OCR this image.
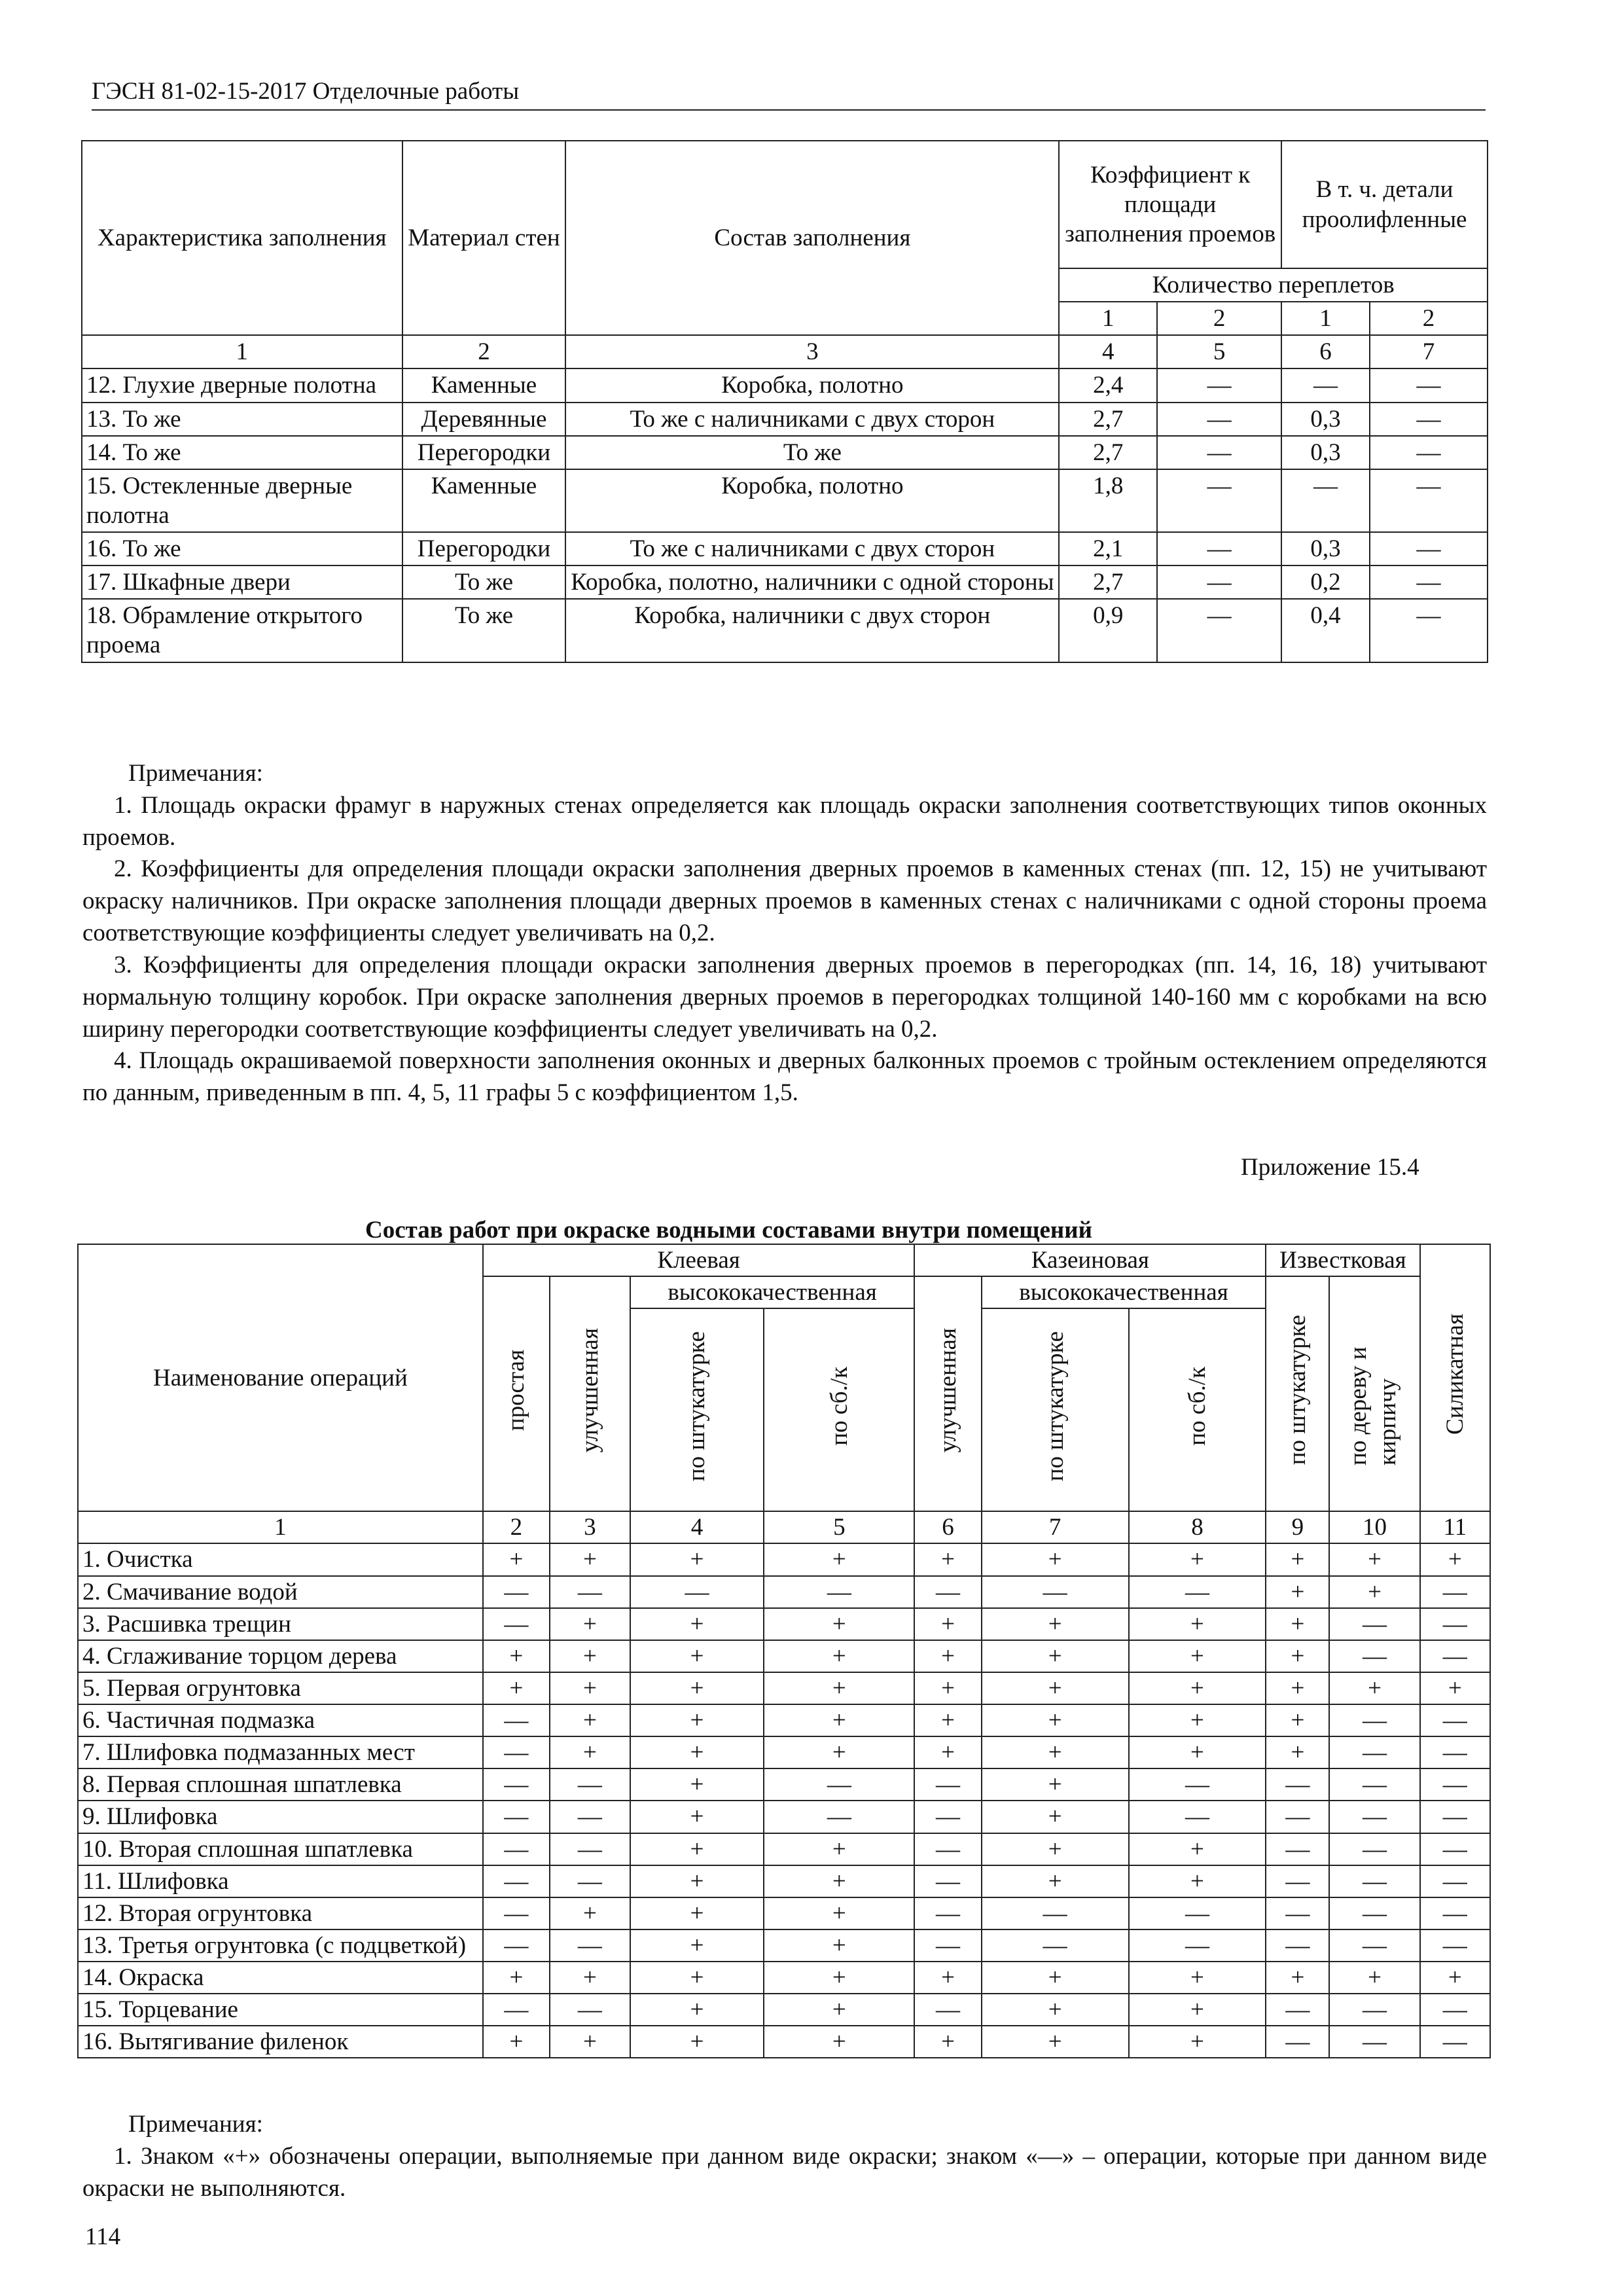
ГЭСН 81-02-15-2017 Отделочные работы
Характеристика заполнения	Материал стен	Состав заполнения	Коэффициент к площади заполнения проемов		В т. ч. детали проолифленные	
			Количество переплетов			
			1	2	1	2
1	2	3	4	5	6	7
12. Глухие дверные полотна	Каменные	Коробка, полотно	2,4	—	—	—
13. То же	Деревянные	То же с наличниками с двух сторон	2,7	—	0,3	—
14. То же	Перегородки	То же	2,7	—	0,3	—
15. Остекленные дверные полотна	Каменные	Коробка, полотно	1,8	—	—	—
16. То же	Перегородки	То же с наличниками с двух сторон	2,1	—	0,3	—
17. Шкафные двери	То же	Коробка, полотно, наличники с одной стороны	2,7	—	0,2	—
18. Обрамление открытого проема	То же	Коробка, наличники с двух сторон	0,9	—	0,4	—

Примечания:

1. Площадь окраски фрамуг в наружных стенах определяется как площадь окраски заполнения соответствующих типов оконных проемов.

2. Коэффициенты для определения площади окраски заполнения дверных проемов в каменных стенах (пп. 12, 15) не учитывают окраску наличников. При окраске заполнения площади дверных проемов в каменных стенах с наличниками с одной стороны проема соответствующие коэффициенты следует увеличивать на 0,2.

3. Коэффициенты для определения площади окраски заполнения дверных проемов в перегородках (пп. 14, 16, 18) учитывают нормальную толщину коробок. При окраске заполнения дверных проемов в перегородках толщиной 140-160 мм с коробками на всю ширину перегородки соответствующие коэффициенты следует увеличивать на 0,2.

4. Площадь окрашиваемой поверхности заполнения оконных и дверных балконных проемов с тройным остеклением определяются по данным, приведенным в пп. 4, 5, 11 графы 5 с коэффициентом 1,5.

Приложение 15.4
Состав работ при окраске водными составами внутри помещений
Наименование операций	Клеевая				Казеиновая			Известковая		Силикатная
	простая	улучшенная	высококачественная		улучшенная	высококачественная		по штукатурке	по дереву и кирпичу	
			по штукатурке	по сб./к		по штукатурке	по сб./к			
1	2	3	4	5	6	7	8	9	10	11
1. Очистка	+	+	+	+	+	+	+	+	+	+
2. Смачивание водой	—	—	—	—	—	—	—	+	+	—
3. Расшивка трещин	—	+	+	+	+	+	+	+	—	—
4. Сглаживание торцом дерева	+	+	+	+	+	+	+	+	—	—
5. Первая огрунтовка	+	+	+	+	+	+	+	+	+	+
6. Частичная подмазка	—	+	+	+	+	+	+	+	—	—
7. Шлифовка подмазанных мест	—	+	+	+	+	+	+	+	—	—
8. Первая сплошная шпатлевка	—	—	+	—	—	+	—	—	—	—
9. Шлифовка	—	—	+	—	—	+	—	—	—	—
10. Вторая сплошная шпатлевка	—	—	+	+	—	+	+	—	—	—
11. Шлифовка	—	—	+	+	—	+	+	—	—	—
12. Вторая огрунтовка	—	+	+	+	—	—	—	—	—	—
13. Третья огрунтовка (с подцветкой)	—	—	+	+	—	—	—	—	—	—
14. Окраска	+	+	+	+	+	+	+	+	+	+
15. Торцевание	—	—	+	+	—	+	+	—	—	—
16. Вытягивание филенок	+	+	+	+	+	+	+	—	—	—

Примечания:

1. Знаком «+» обозначены операции, выполняемые при данном виде окраски; знаком «—» – операции, которые при данном виде окраски не выполняются.

114
